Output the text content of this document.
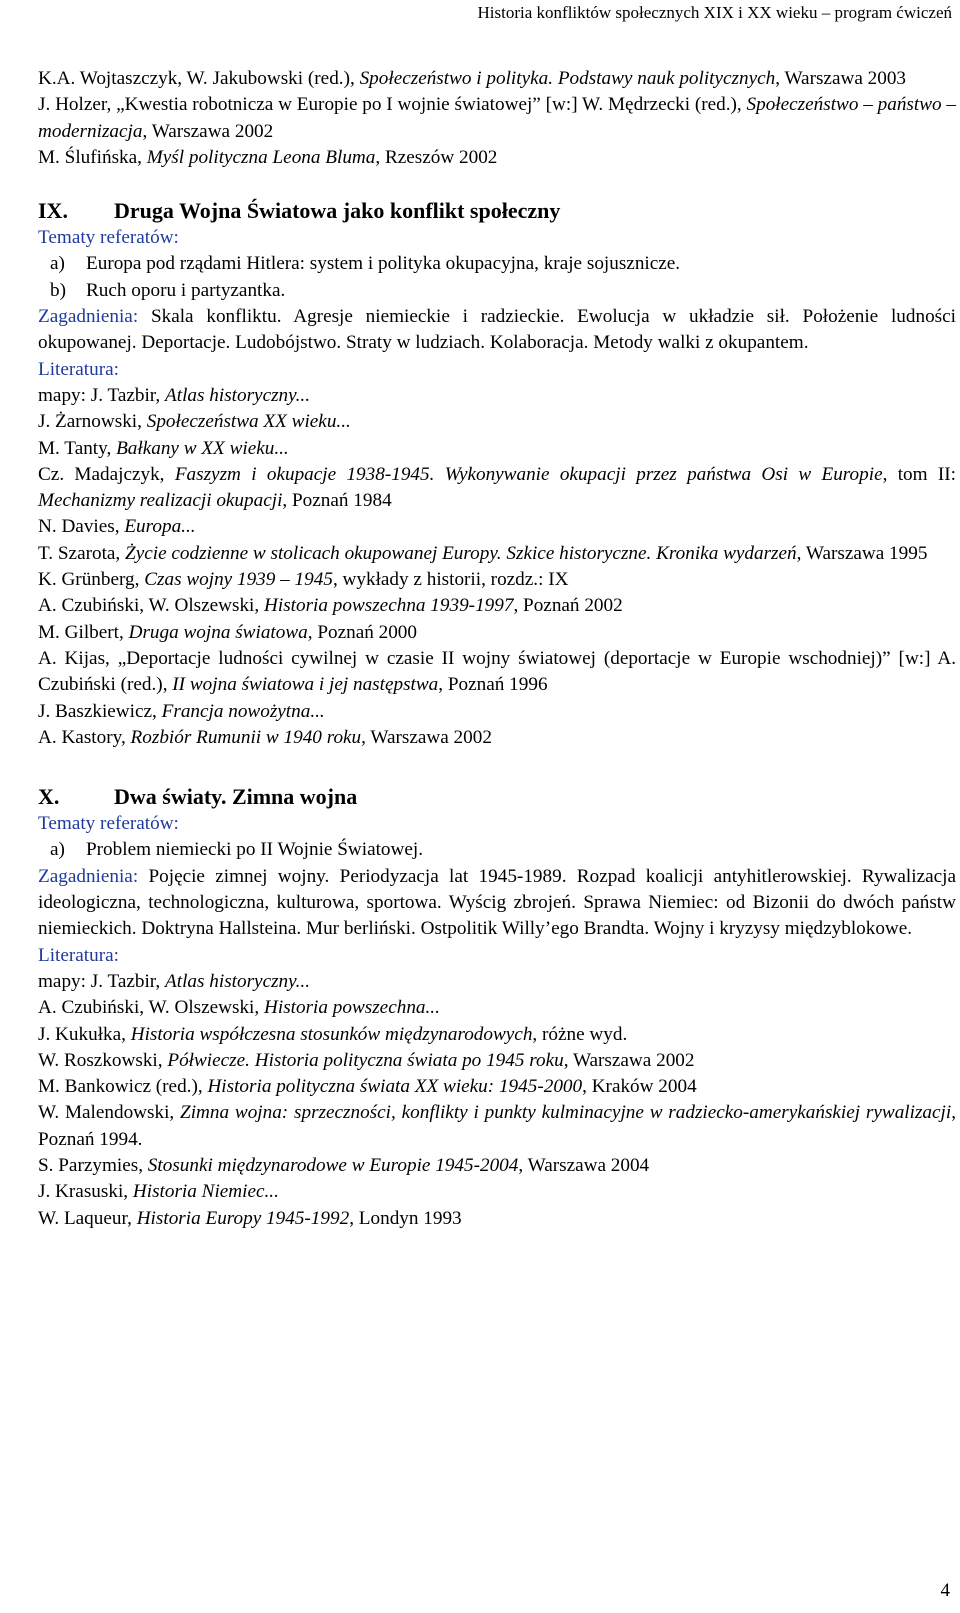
Historia konfliktów społecznych XIX i XX wieku – program ćwiczeń
K.A. Wojtaszczyk, W. Jakubowski (red.), Społeczeństwo i polityka. Podstawy nauk politycznych, Warszawa 2003
J. Holzer, „Kwestia robotnicza w Europie po I wojnie światowej” [w:] W. Mędrzecki (red.), Społeczeństwo – państwo – modernizacja, Warszawa 2002
M. Ślufińska, Myśl polityczna Leona Bluma, Rzeszów 2002
IX.	Druga Wojna Światowa jako konflikt społeczny
Tematy referatów:
a)	Europa pod rządami Hitlera: system i polityka okupacyjna, kraje sojusznicze.
b)	Ruch oporu i partyzantka.
Zagadnienia: Skala konfliktu. Agresje niemieckie i radzieckie. Ewolucja w układzie sił. Położenie ludności okupowanej. Deportacje. Ludobójstwo. Straty w ludziach. Kolaboracja. Metody walki z okupantem.
Literatura:
mapy: J. Tazbir, Atlas historyczny...
J. Żarnowski, Społeczeństwa XX wieku...
M. Tanty, Bałkany w XX wieku...
Cz. Madajczyk, Faszyzm i okupacje 1938-1945. Wykonywanie okupacji przez państwa Osi w Europie, tom II: Mechanizmy realizacji okupacji, Poznań 1984
N. Davies, Europa...
T. Szarota, Życie codzienne w stolicach okupowanej Europy. Szkice historyczne. Kronika wydarzeń, Warszawa 1995
K. Grünberg, Czas wojny 1939 – 1945, wykłady z historii, rozdz.: IX
A. Czubiński, W. Olszewski, Historia powszechna 1939-1997, Poznań 2002
M. Gilbert, Druga wojna światowa, Poznań 2000
A. Kijas, „Deportacje ludności cywilnej w czasie II wojny światowej (deportacje w Europie wschodniej)” [w:] A. Czubiński (red.), II wojna światowa i jej następstwa, Poznań 1996
J. Baszkiewicz, Francja nowożytna...
A. Kastory, Rozbiór Rumunii w 1940 roku, Warszawa 2002
X.	Dwa światy. Zimna wojna
Tematy referatów:
a)	Problem niemiecki po II Wojnie Światowej.
Zagadnienia: Pojęcie zimnej wojny. Periodyzacja lat 1945-1989. Rozpad koalicji antyhitlerowskiej. Rywalizacja ideologiczna, technologiczna, kulturowa, sportowa. Wyścig zbrojeń. Sprawa Niemiec: od Bizonii do dwóch państw niemieckich. Doktryna Hallsteina. Mur berliński. Ostpolitik Willy’ego Brandta. Wojny i kryzysy międzyblokowe.
Literatura:
mapy: J. Tazbir, Atlas historyczny...
A. Czubiński, W. Olszewski, Historia powszechna...
J. Kukułka, Historia współczesna stosunków międzynarodowych, różne wyd.
W. Roszkowski, Półwiecze. Historia polityczna świata po 1945 roku, Warszawa 2002
M. Bankowicz (red.), Historia polityczna świata XX wieku: 1945-2000, Kraków 2004
W. Malendowski, Zimna wojna: sprzeczności, konflikty i punkty kulminacyjne w radziecko-amerykańskiej rywalizacji, Poznań 1994.
S. Parzymies, Stosunki międzynarodowe w Europie 1945-2004, Warszawa 2004
J. Krasuski, Historia Niemiec...
W. Laqueur, Historia Europy 1945-1992, Londyn 1993
4
